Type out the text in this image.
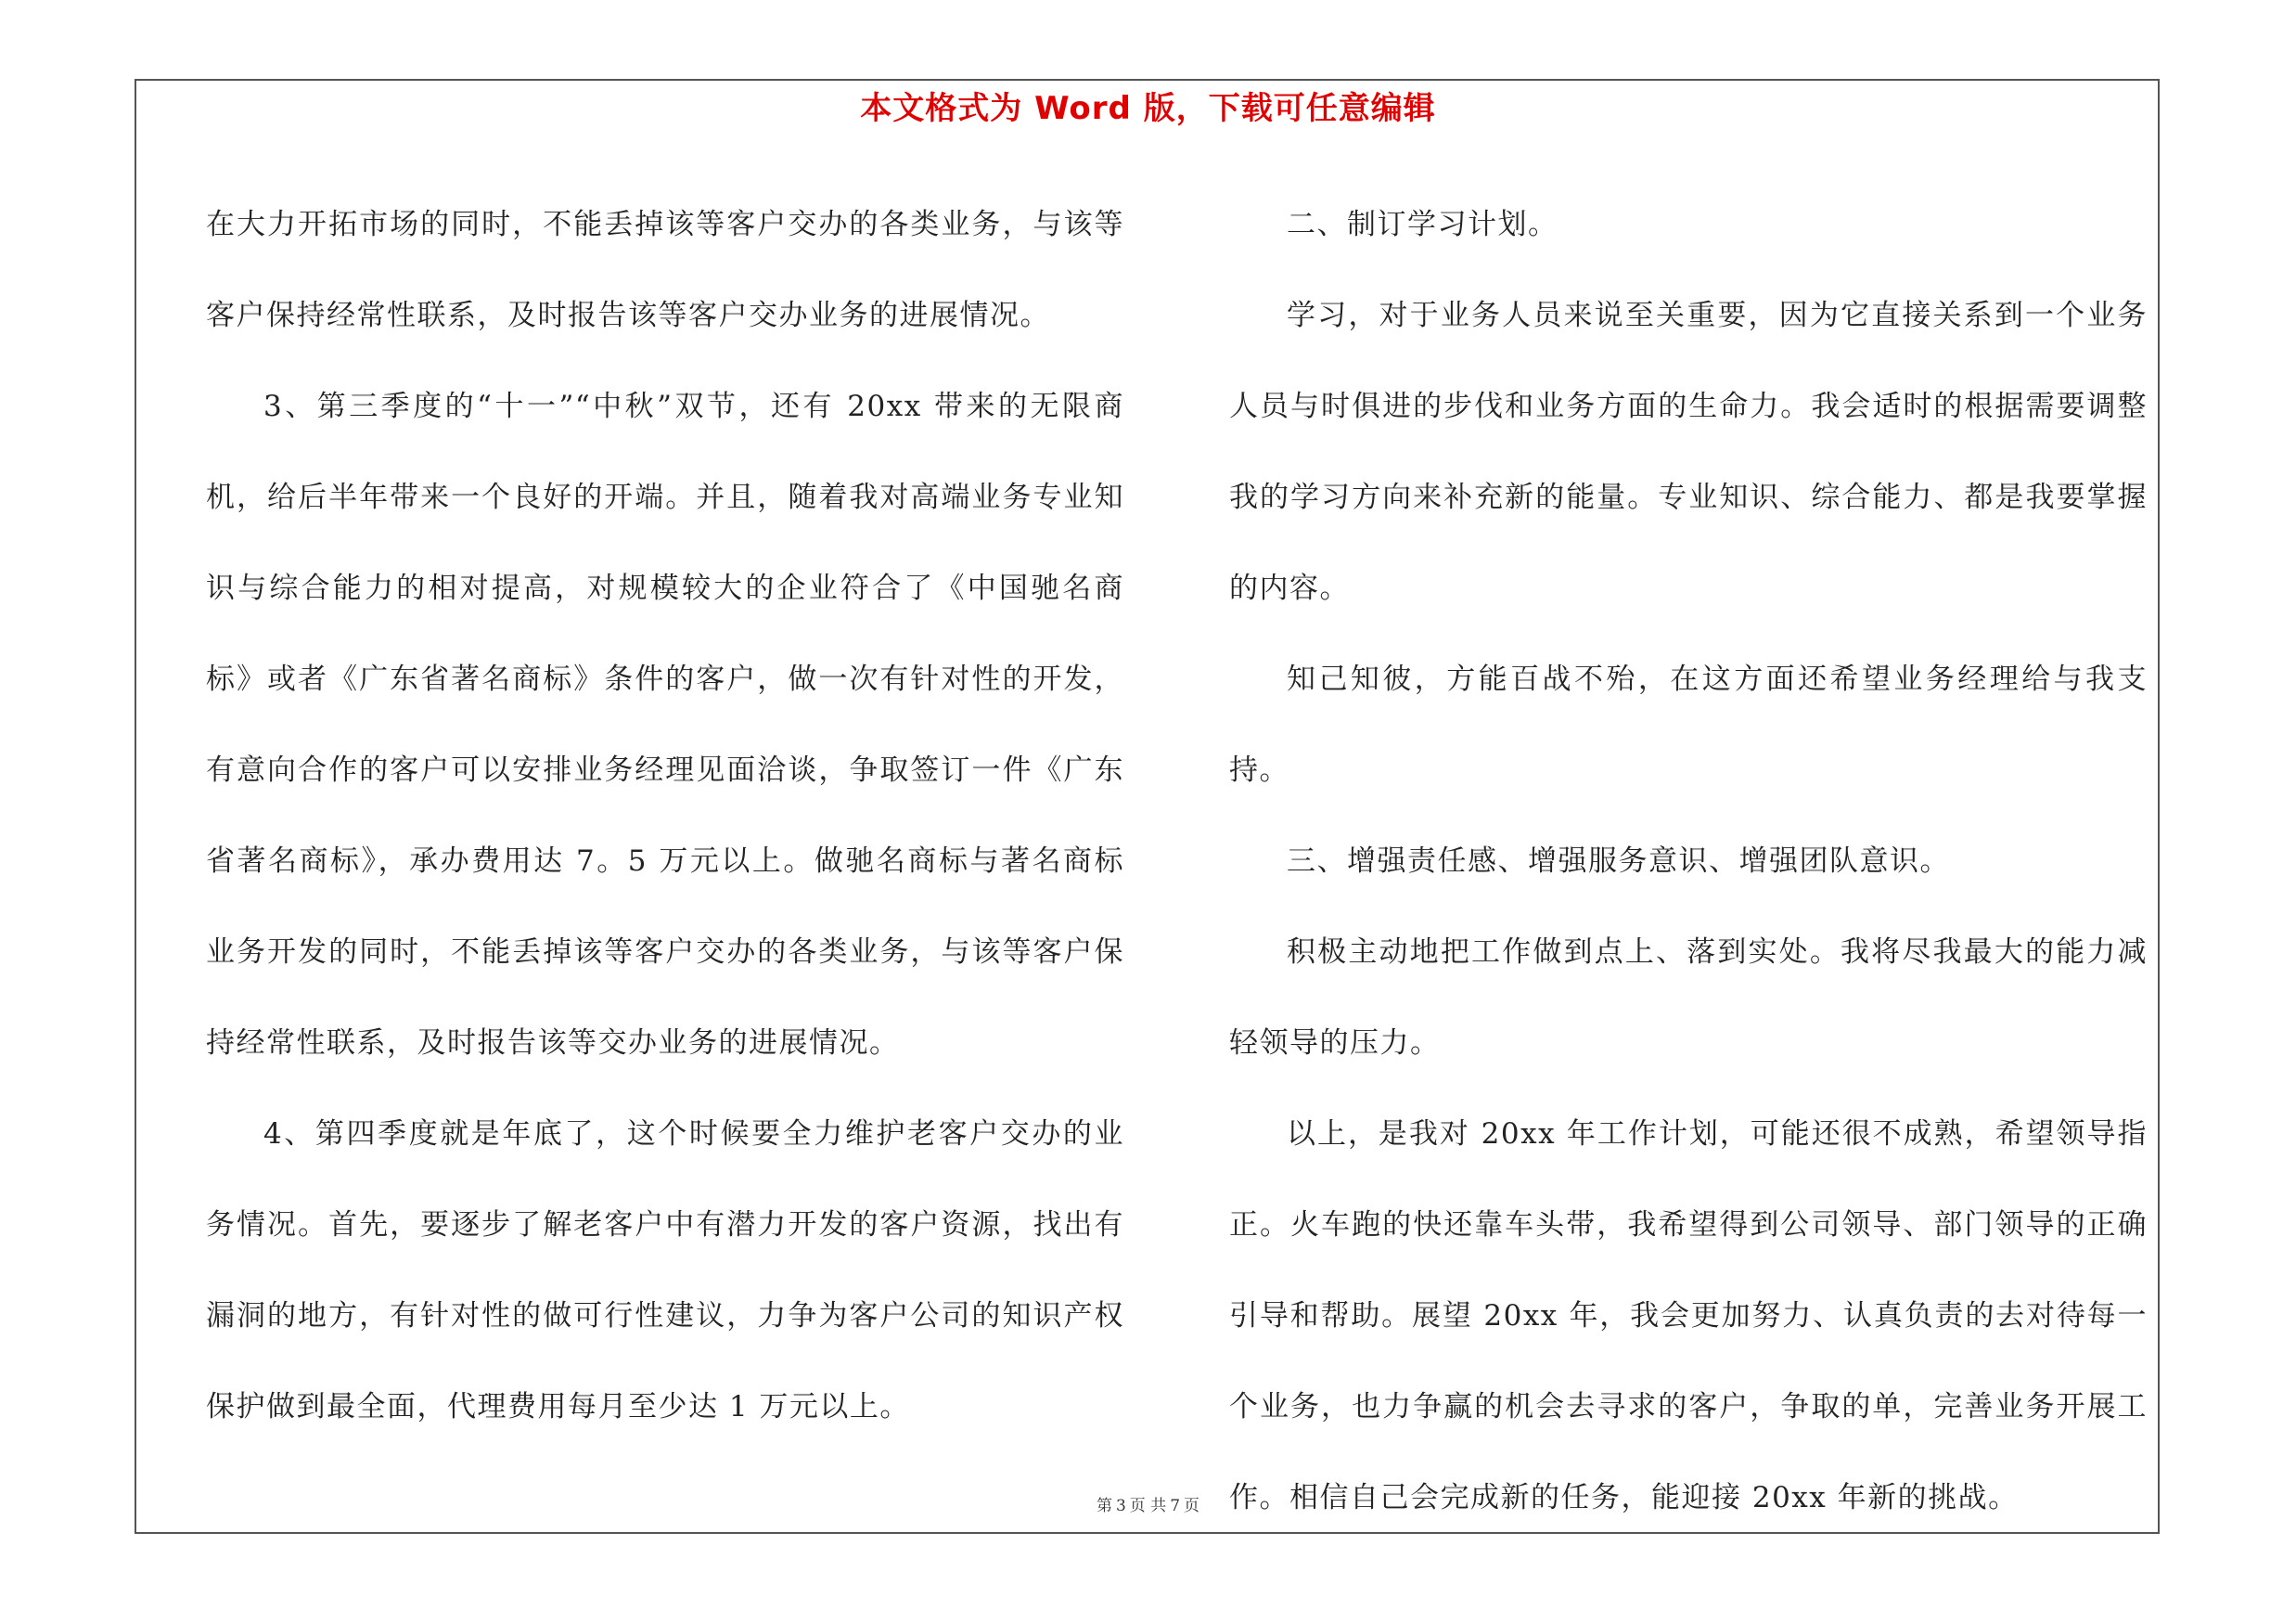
本文格式为 Word 版，下载可任意编辑

在大力开拓市场的同时，不能丢掉该等客户交办的各类业务，与该等客户保持经常性联系，及时报告该等客户交办业务的进展情况。

3、第三季度的“十一”“中秋”双节，还有 20xx 带来的无限商机，给后半年带来一个良好的开端。并且，随着我对高端业务专业知识与综合能力的相对提高，对规模较大的企业符合了《中国驰名商标》或者《广东省著名商标》条件的客户，做一次有针对性的开发，有意向合作的客户可以安排业务经理见面洽谈，争取签订一件《广东省著名商标》，承办费用达 7。5 万元以上。做驰名商标与著名商标业务开发的同时，不能丢掉该等客户交办的各类业务，与该等客户保持经常性联系，及时报告该等交办业务的进展情况。

4、第四季度就是年底了，这个时候要全力维护老客户交办的业务情况。首先，要逐步了解老客户中有潜力开发的客户资源，找出有漏洞的地方，有针对性的做可行性建议，力争为客户公司的知识产权保护做到最全面，代理费用每月至少达 1 万元以上。

二、制订学习计划。

学习，对于业务人员来说至关重要，因为它直接关系到一个业务人员与时俱进的步伐和业务方面的生命力。我会适时的根据需要调整我的学习方向来补充新的能量。专业知识、综合能力、都是我要掌握的内容。

知己知彼，方能百战不殆，在这方面还希望业务经理给与我支持。

三、增强责任感、增强服务意识、增强团队意识。

积极主动地把工作做到点上、落到实处。我将尽我最大的能力减轻领导的压力。

以上，是我对 20xx 年工作计划，可能还很不成熟，希望领导指正。火车跑的快还靠车头带，我希望得到公司领导、部门领导的正确引导和帮助。展望 20xx 年，我会更加努力、认真负责的去对待每一个业务，也力争赢的机会去寻求的客户，争取的单，完善业务开展工作。相信自己会完成新的任务，能迎接 20xx 年新的挑战。

第 3 页 共 7 页
